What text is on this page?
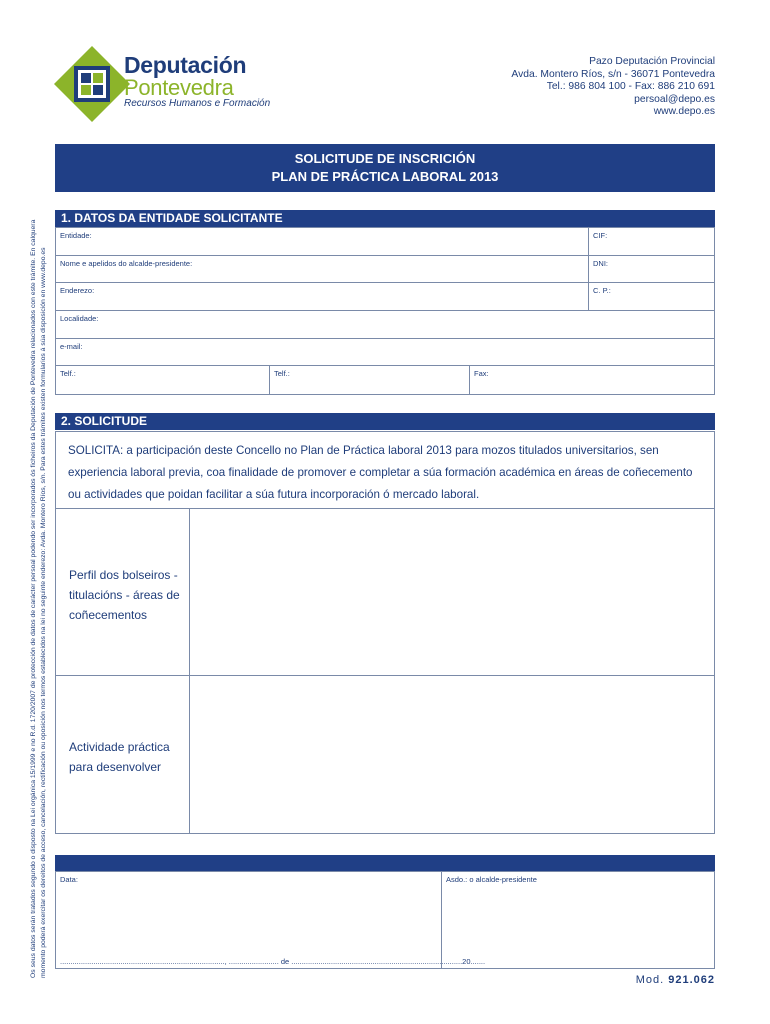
Deputación
Pontevedra
Recursos Humanos e Formación
Pazo Deputación Provincial
Avda. Montero Ríos, s/n - 36071 Pontevedra
Tel.: 986 804 100 - Fax: 886 210 691
persoal@depo.es
www.depo.es
Os seus datos serán tratados segundo o disposto na Lei orgánica 15/1999 e no R.d. 1720/2007 de protección de datos de carácter persoal podendo ser incorporados ós ficheiros da Deputación de Pontevedra relacionados con este trámite. En calquera momento poderá exercitar os dereitos de acceso, cancelación, rectificación ou oposición nos termos establecidos na lei no seguinte enderezo: Avda. Montero Ríos, s/n. Para estes trámites existen formularios á súa disposición en www.depo.es
SOLICITUDE DE INSCRICIÓN
PLAN DE PRÁCTICA LABORAL 2013
1. DATOS DA ENTIDADE SOLICITANTE
Entidade:	CIF:
Nome e apelidos do alcalde-presidente:	DNI:
Enderezo:	C. P.:
Localidade:
e-mail:
Telf.:	Telf.:	Fax:
2. SOLICITUDE
SOLICITA: a participación deste Concello no Plan de Práctica laboral 2013 para mozos titulados universitarios, sen
experiencia laboral previa, coa finalidade de promover e completar a súa formación académica en áreas de coñecemento
ou actividades que poidan facilitar a súa futura incorporación ó mercado laboral.
Perfil dos bolseiros -
titulacións - áreas de
coñecementos
Actividade práctica
para desenvolver
Data:
..............................................................................., ........................ de ..................................................................................20.......
Asdo.: o alcalde-presidente
Mod. 921.062
